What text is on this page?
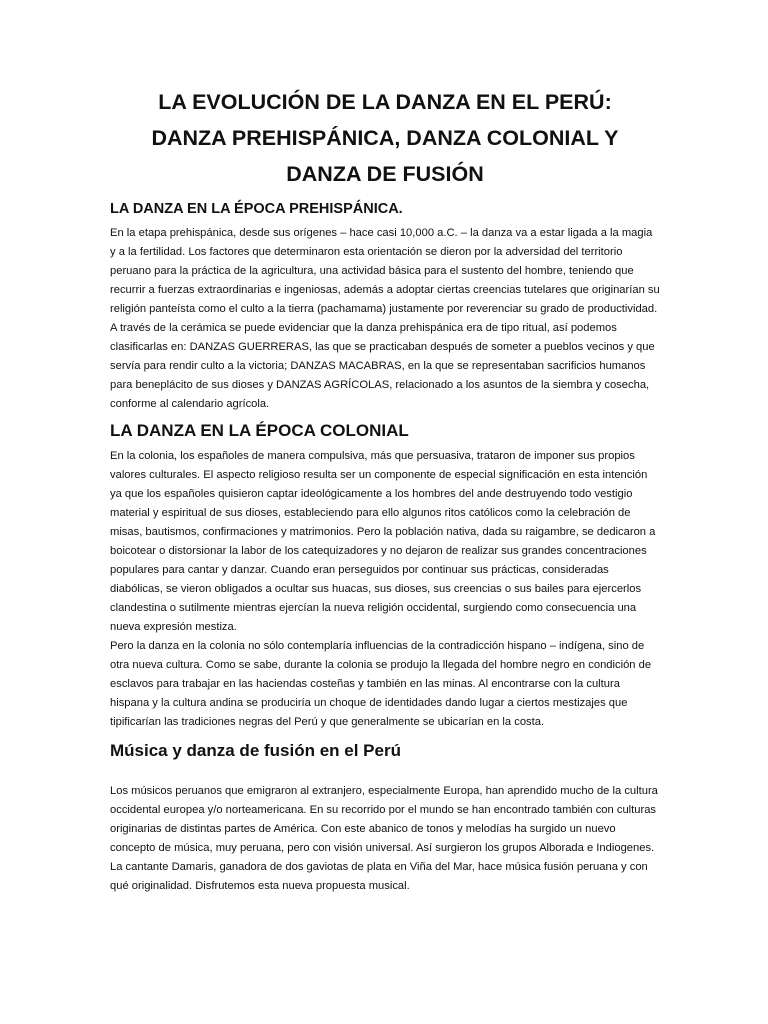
LA EVOLUCIÓN DE LA DANZA EN EL PERÚ:
DANZA PREHISPÁNICA, DANZA COLONIAL Y
DANZA DE FUSIÓN
LA DANZA EN LA ÉPOCA PREHISPÁNICA.

En la etapa prehispánica, desde sus orígenes – hace casi 10,000 a.C. – la danza va a estar ligada a la magia y a la fertilidad. Los factores que determinaron esta orientación se dieron por la adversidad del territorio peruano para la práctica de la agricultura, una actividad básica para el sustento del hombre, teniendo que recurrir a fuerzas extraordinarias e ingeniosas, además a adoptar ciertas creencias tutelares que originarían su religión panteísta como el culto a la tierra (pachamama) justamente por reverenciar su grado de productividad.

A través de la cerámica se puede evidenciar que la danza prehispánica era de tipo ritual, así podemos clasificarlas en: DANZAS GUERRERAS, las que se practicaban después de someter a pueblos vecinos y que servía para rendir culto a la victoria; DANZAS MACABRAS, en la que se representaban sacrificios humanos para beneplácito de sus dioses y DANZAS AGRÍCOLAS, relacionado a los asuntos de la siembra y cosecha, conforme al calendario agrícola.

LA DANZA EN LA ÉPOCA COLONIAL

En la colonia, los españoles de manera compulsiva, más que persuasiva, trataron de imponer sus propios valores culturales. El aspecto religioso resulta ser un componente de especial significación en esta intención ya que los españoles quisieron captar ideológicamente a los hombres del ande destruyendo todo vestigio material y espiritual de sus dioses, estableciendo para ello algunos ritos católicos como la celebración de misas, bautismos, confirmaciones y matrimonios. Pero la población nativa, dada su raigambre, se dedicaron a boicotear o distorsionar la labor de los catequizadores y no dejaron de realizar sus grandes concentraciones populares para cantar y danzar. Cuando eran perseguidos por continuar sus prácticas, consideradas diabólicas, se vieron obligados a ocultar sus huacas, sus dioses, sus creencias o sus bailes para ejercerlos clandestina o sutilmente mientras ejercían la nueva religión occidental, surgiendo como consecuencia una nueva expresión mestiza.

Pero la danza en la colonia no sólo contemplaría influencias de la contradicción hispano – indígena, sino de otra nueva cultura. Como se sabe, durante la colonia se produjo la llegada del hombre negro en condición de esclavos para trabajar en las haciendas costeñas y también en las minas. Al encontrarse con la cultura hispana y la cultura andina se produciría un choque de identidades dando lugar a ciertos mestizajes que tipificarían las tradiciones negras del Perú y que generalmente se ubicarían en la costa.

Música y danza de fusión en el Perú

Los músicos peruanos que emigraron al extranjero, especialmente Europa, han aprendido mucho de la cultura occidental europea y/o norteamericana. En su recorrido por el mundo se han encontrado también con culturas originarias de distintas partes de América. Con este abanico de tonos y melodías ha surgido un nuevo concepto de música, muy peruana, pero con visión universal. Así surgieron los grupos Alborada e Indiogenes. La cantante Damaris, ganadora de dos gaviotas de plata en Viña del Mar, hace música fusión peruana y con qué originalidad. Disfrutemos esta nueva propuesta musical.
